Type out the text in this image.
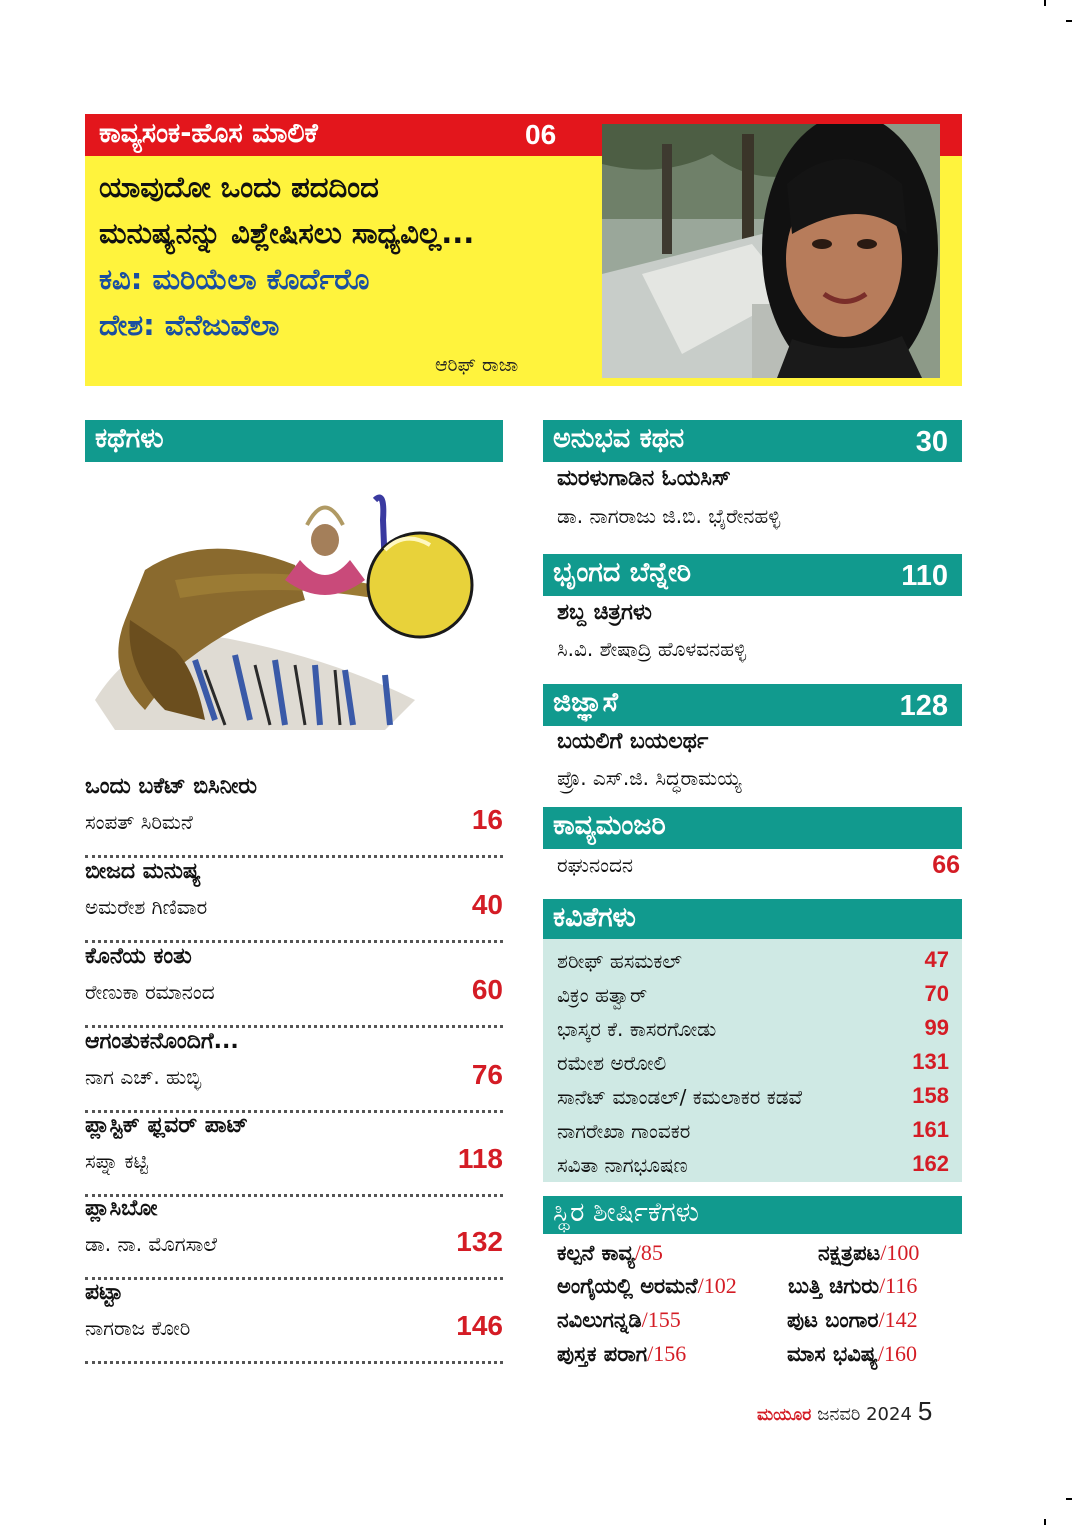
ಕಾವ್ಯಸಂಕ-ಹೊಸ ಮಾಲಿಕೆ	06
ಯಾವುದೋ ಒಂದು ಪದದಿಂದ
ಮನುಷ್ಯನನ್ನು ವಿಶ್ಲೇಷಿಸಲು ಸಾಧ್ಯವಿಲ್ಲ...
ಕವಿ: ಮರಿಯೆಲಾ ಕೊರ್ದೆರೊ
ದೇಶ: ವೆನೆಜುವೆಲಾ
ಆರಿಫ್ ರಾಜಾ
ಕಥೆಗಳು
ಒಂದು ಬಕೆಟ್ ಬಿಸಿನೀರು
ಸಂಪತ್ ಸಿರಿಮನೆ	16
ಬೀಜದ ಮನುಷ್ಯ
ಅಮರೇಶ ಗಿಣಿವಾರ	40
ಕೊನೆಯ ಕಂತು
ರೇಣುಕಾ ರಮಾನಂದ	60
ಆಗಂತುಕನೊಂದಿಗೆ...
ನಾಗ ಎಚ್. ಹುಬ್ಳಿ	76
ಪ್ಲಾಸ್ಟಿಕ್ ಫ್ಲವರ್ ಪಾಟ್
ಸಪ್ನಾ ಕಟ್ಟಿ	118
ಪ್ಲಾಸಿಬೋ
ಡಾ. ನಾ. ಮೊಗಸಾಲೆ	132
ಪಟ್ಟಾ
ನಾಗರಾಜ ಕೋರಿ	146
ಅನುಭವ ಕಥನ	30
ಮರಳುಗಾಡಿನ ಓಯಸಿಸ್
ಡಾ. ನಾಗರಾಜು ಜಿ.ಬಿ. ಭೈರೇನಹಳ್ಳಿ
ಭೃಂಗದ ಬೆನ್ನೇರಿ	110
ಶಬ್ದ ಚಿತ್ರಗಳು
ಸಿ.ವಿ. ಶೇಷಾದ್ರಿ ಹೊಳವನಹಳ್ಳಿ
ಜಿಜ್ಞಾಸೆ	128
ಬಯಲಿಗೆ ಬಯಲರ್ಥ
ಪ್ರೊ. ಎಸ್.ಜಿ. ಸಿದ್ಧರಾಮಯ್ಯ
ಕಾವ್ಯಮಂಜರಿ
ರಘುನಂದನ	66
ಕವಿತೆಗಳು
ಶರೀಫ್ ಹಸಮಕಲ್	47
ವಿಕ್ರಂ ಹತ್ವಾರ್	70
ಭಾಸ್ಕರ ಕೆ. ಕಾಸರಗೋಡು	99
ರಮೇಶ ಅರೋಲಿ	131
ಸಾನೆಟ್ ಮಾಂಡಲ್/ ಕಮಲಾಕರ ಕಡವೆ	158
ನಾಗರೇಖಾ ಗಾಂವಕರ	161
ಸವಿತಾ ನಾಗಭೂಷಣ	162
ಸ್ಥಿರ ಶೀರ್ಷಿಕೆಗಳು
ಕಲ್ಪನೆ ಕಾವ್ಯ/85	ನಕ್ಷತ್ರಪಟ/100
ಅಂಗೈಯಲ್ಲಿ ಅರಮನೆ/102 ಬುತ್ತಿ ಚಿಗುರು/116
ನವಿಲುಗನ್ನಡಿ/155	ಪುಟ ಬಂಗಾರ/142
ಪುಸ್ತಕ ಪರಾಗ/156	ಮಾಸ ಭವಿಷ್ಯ/160
ಮಯೂರ ಜನವರಿ 2024 5
